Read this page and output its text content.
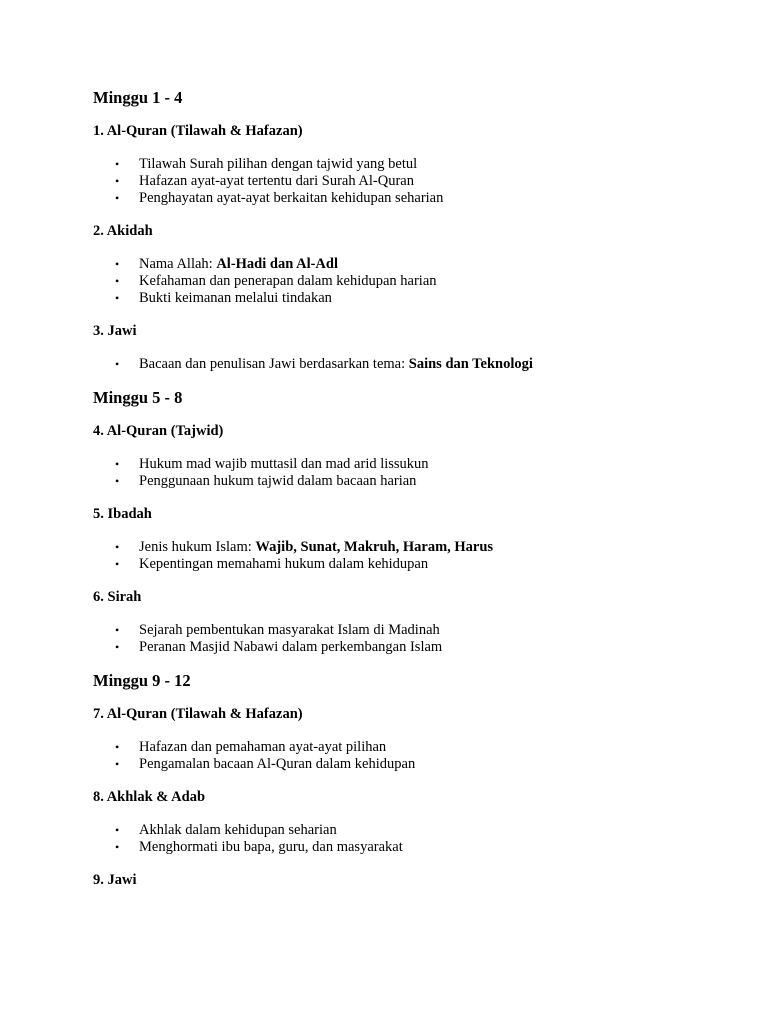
Minggu 1 - 4
1. Al-Quran (Tilawah & Hafazan)
• Tilawah Surah pilihan dengan tajwid yang betul
• Hafazan ayat-ayat tertentu dari Surah Al-Quran
• Penghayatan ayat-ayat berkaitan kehidupan seharian
2. Akidah
• Nama Allah: Al-Hadi dan Al-Adl
• Kefahaman dan penerapan dalam kehidupan harian
• Bukti keimanan melalui tindakan
3. Jawi
• Bacaan dan penulisan Jawi berdasarkan tema: Sains dan Teknologi
Minggu 5 - 8
4. Al-Quran (Tajwid)
• Hukum mad wajib muttasil dan mad arid lissukun
• Penggunaan hukum tajwid dalam bacaan harian
5. Ibadah
• Jenis hukum Islam: Wajib, Sunat, Makruh, Haram, Harus
• Kepentingan memahami hukum dalam kehidupan
6. Sirah
• Sejarah pembentukan masyarakat Islam di Madinah
• Peranan Masjid Nabawi dalam perkembangan Islam
Minggu 9 - 12
7. Al-Quran (Tilawah & Hafazan)
• Hafazan dan pemahaman ayat-ayat pilihan
• Pengamalan bacaan Al-Quran dalam kehidupan
8. Akhlak & Adab
• Akhlak dalam kehidupan seharian
• Menghormati ibu bapa, guru, dan masyarakat
9. Jawi
